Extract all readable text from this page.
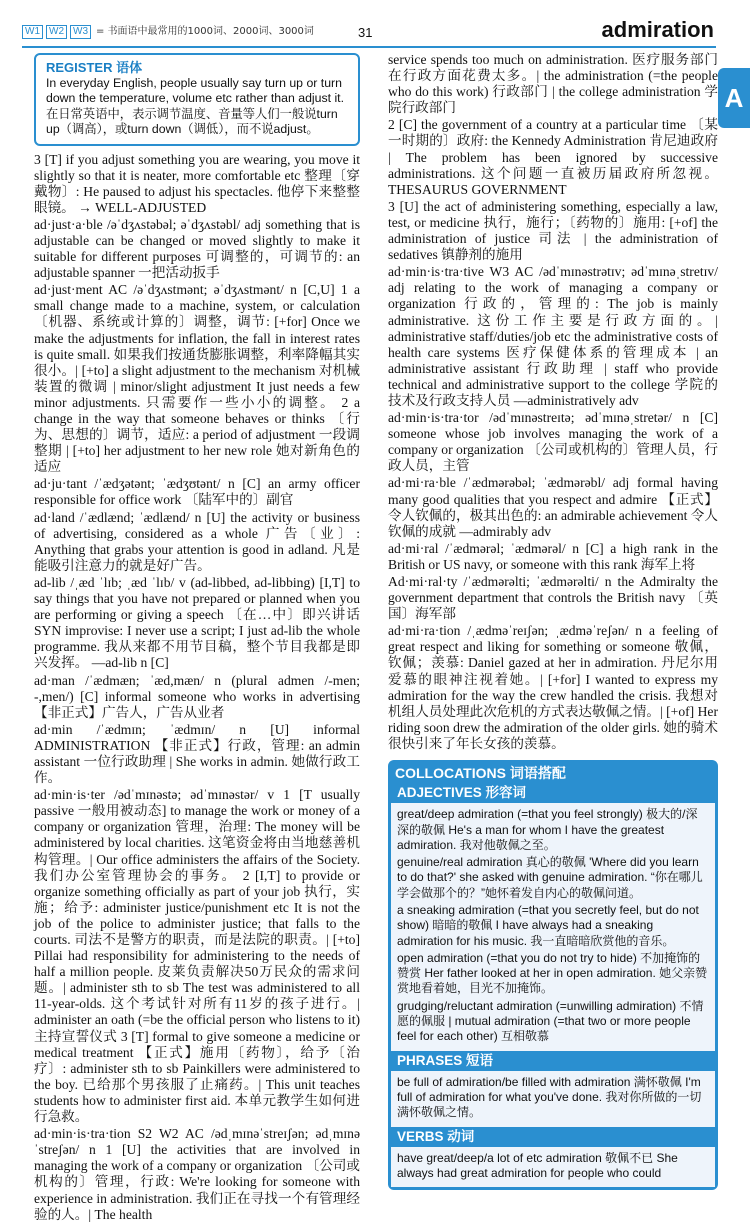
W1 W2 W3 = 书面语中最常用的1000词、2000词、3000词	31	admiration
A
REGISTER 语体
In everyday English, people usually say turn up or turn down the temperature, volume etc rather than adjust it. 在日常英语中，表示调节温度、音量等人们一般说turn up（调高），或turn down（调低），而不说adjust。

3 [T] if you adjust something you are wearing, you move it slightly so that it is neater, more comfortable etc 整理〔穿戴物〕: He paused to adjust his spectacles. 他停下来整整眼镜。 → WELL-ADJUSTED

ad·just·a·ble /əˈdʒʌstəbəl; əˈdʒʌstəbl/ adj something that is adjustable can be changed or moved slightly to make it suitable for different purposes 可调整的，可调节的: an adjustable spanner 一把活动扳手

ad·just·ment AC /əˈdʒʌstmənt; əˈdʒʌstmənt/ n [C,U] 1 a small change made to a machine, system, or calculation 〔机器、系统或计算的〕调整，调节: [+for] Once we make the adjustments for inflation, the fall in interest rates is quite small. 如果我们按通货膨胀调整，利率降幅其实很小。| [+to] a slight adjustment to the mechanism 对机械装置的微调 | minor/slight adjustment It just needs a few minor adjustments. 只需要作一些小小的调整。 2 a change in the way that someone behaves or thinks 〔行为、思想的〕调节，适应: a period of adjustment 一段调整期 | [+to] her adjustment to her new role 她对新角色的适应

ad·ju·tant /ˈædʒətənt; ˈædʒʊtənt/ n [C] an army officer responsible for office work 〔陆军中的〕副官

ad·land /ˈædlænd; ˈædlænd/ n [U] the activity or business of advertising, considered as a whole 广告〔业〕: Anything that grabs your attention is good in adland. 凡是能吸引注意力的就是好广告。

ad-lib /ˌæd ˈlɪb; ˌæd ˈlɪb/ v (ad-libbed, ad-libbing) [I,T] to say things that you have not prepared or planned when you are performing or giving a speech 〔在…中〕即兴讲话 SYN improvise: I never use a script; I just ad-lib the whole programme. 我从来都不用节目稿，整个节目我都是即兴发挥。 —ad-lib n [C]

ad·man /ˈædmæn; ˈæd,mæn/ n (plural admen /-men; -,men/) [C] informal someone who works in advertising 【非正式】广告人，广告从业者

ad·min /ˈædmɪn; ˈædmɪn/ n [U] informal ADMINISTRATION 【非正式】行政，管理: an admin assistant 一位行政助理 | She works in admin. 她做行政工作。

ad·min·is·ter /ədˈmɪnəstə; ədˈmɪnəstər/ v 1 [T usually passive 一般用被动态] to manage the work or money of a company or organization 管理，治理: The money will be administered by local charities. 这笔资金将由当地慈善机构管理。| Our office administers the affairs of the Society. 我们办公室管理协会的事务。 2 [I,T] to provide or organize something officially as part of your job 执行，实施；给予: administer justice/punishment etc It is not the job of the police to administer justice; that falls to the courts. 司法不是警方的职责，而是法院的职责。| [+to] Pillai had responsibility for administering to the needs of half a million people. 皮莱负责解决50万民众的需求问题。| administer sth to sb The test was administered to all 11-year-olds. 这个考试针对所有11岁的孩子进行。| administer an oath (=be the official person who listens to it) 主持宣誓仪式 3 [T] formal to give someone a medicine or medical treatment 【正式】施用〔药物〕，给予〔治疗〕: administer sth to sb Painkillers were administered to the boy. 已给那个男孩服了止痛药。| This unit teaches students how to administer first aid. 本单元教学生如何进行急救。

ad·min·is·tra·tion S2 W2 AC /ədˌmɪnəˈstreɪʃən; ədˌmɪnəˈstreʃən/ n 1 [U] the activities that are involved in managing the work of a company or organization 〔公司或机构的〕管理，行政: We're looking for someone with experience in administration. 我们正在寻找一个有管理经验的人。| The health

service spends too much on administration. 医疗服务部门在行政方面花费太多。| the administration (=the people who do this work) 行政部门 | the college administration 学院行政部门

2 [C] the government of a country at a particular time 〔某一时期的〕政府: the Kennedy Administration 肯尼迪政府 | The problem has been ignored by successive administrations. 这个问题一直被历届政府所忽视。 THESAURUS GOVERNMENT

3 [U] the act of administering something, especially a law, test, or medicine 执行，施行；〔药物的〕施用: [+of] the administration of justice 司法 | the administration of sedatives 镇静剂的施用

ad·min·is·tra·tive W3 AC /ədˈmɪnəstrətɪv; ədˈmɪnəˌstretɪv/ adj relating to the work of managing a company or organization 行政的，管理的: The job is mainly administrative. 这份工作主要是行政方面的。| administrative staff/duties/job etc the administrative costs of health care systems 医疗保健体系的管理成本 | an administrative assistant 行政助理 | staff who provide technical and administrative support to the college 学院的技术及行政支持人员 —administratively adv

ad·min·is·tra·tor /ədˈmɪnəstreɪtə; ədˈmɪnəˌstretər/ n [C] someone whose job involves managing the work of a company or organization 〔公司或机构的〕管理人员，行政人员，主管

ad·mi·ra·ble /ˈædmərəbəl; ˈædmərəbl/ adj formal having many good qualities that you respect and admire 【正式】令人钦佩的，极其出色的: an admirable achievement 令人钦佩的成就 —admirably adv

ad·mi·ral /ˈædmərəl; ˈædmərəl/ n [C] a high rank in the British or US navy, or someone with this rank 海军上将

Ad·mi·ral·ty /ˈædmərəlti; ˈædmərəlti/ n the Admiralty the government department that controls the British navy 〔英国〕海军部

ad·mi·ra·tion /ˌædməˈreɪʃən; ˌædməˈreʃən/ n a feeling of great respect and liking for something or someone 敬佩，钦佩；羡慕: Daniel gazed at her in admiration. 丹尼尔用爱慕的眼神注视着她。| [+for] I wanted to express my admiration for the way the crew handled the crisis. 我想对机组人员处理此次危机的方式表达敬佩之情。| [+of] Her riding soon drew the admiration of the older girls. 她的骑术很快引来了年长女孩的羡慕。

COLLOCATIONS 词语搭配
ADJECTIVES 形容词

great/deep admiration (=that you feel strongly) 极大的/深深的敬佩 He's a man for whom I have the greatest admiration. 我对他敬佩之至。

genuine/real admiration 真心的敬佩 'Where did you learn to do that?' she asked with genuine admiration. “你在哪儿学会做那个的？”她怀着发自内心的敬佩问道。

a sneaking admiration (=that you secretly feel, but do not show) 暗暗的敬佩 I have always had a sneaking admiration for his music. 我一直暗暗欣赏他的音乐。

open admiration (=that you do not try to hide) 不加掩饰的赞赏 Her father looked at her in open admiration. 她父亲赞赏地看着她，目光不加掩饰。

grudging/reluctant admiration (=unwilling admiration) 不情愿的佩服 | mutual admiration (=that two or more people feel for each other) 互相敬慕

PHRASES 短语

be full of admiration/be filled with admiration 满怀敬佩 I'm full of admiration for what you've done. 我对你所做的一切满怀敬佩之情。

VERBS 动词

have great/deep/a lot of etc admiration 敬佩不已 She always had great admiration for people who could
